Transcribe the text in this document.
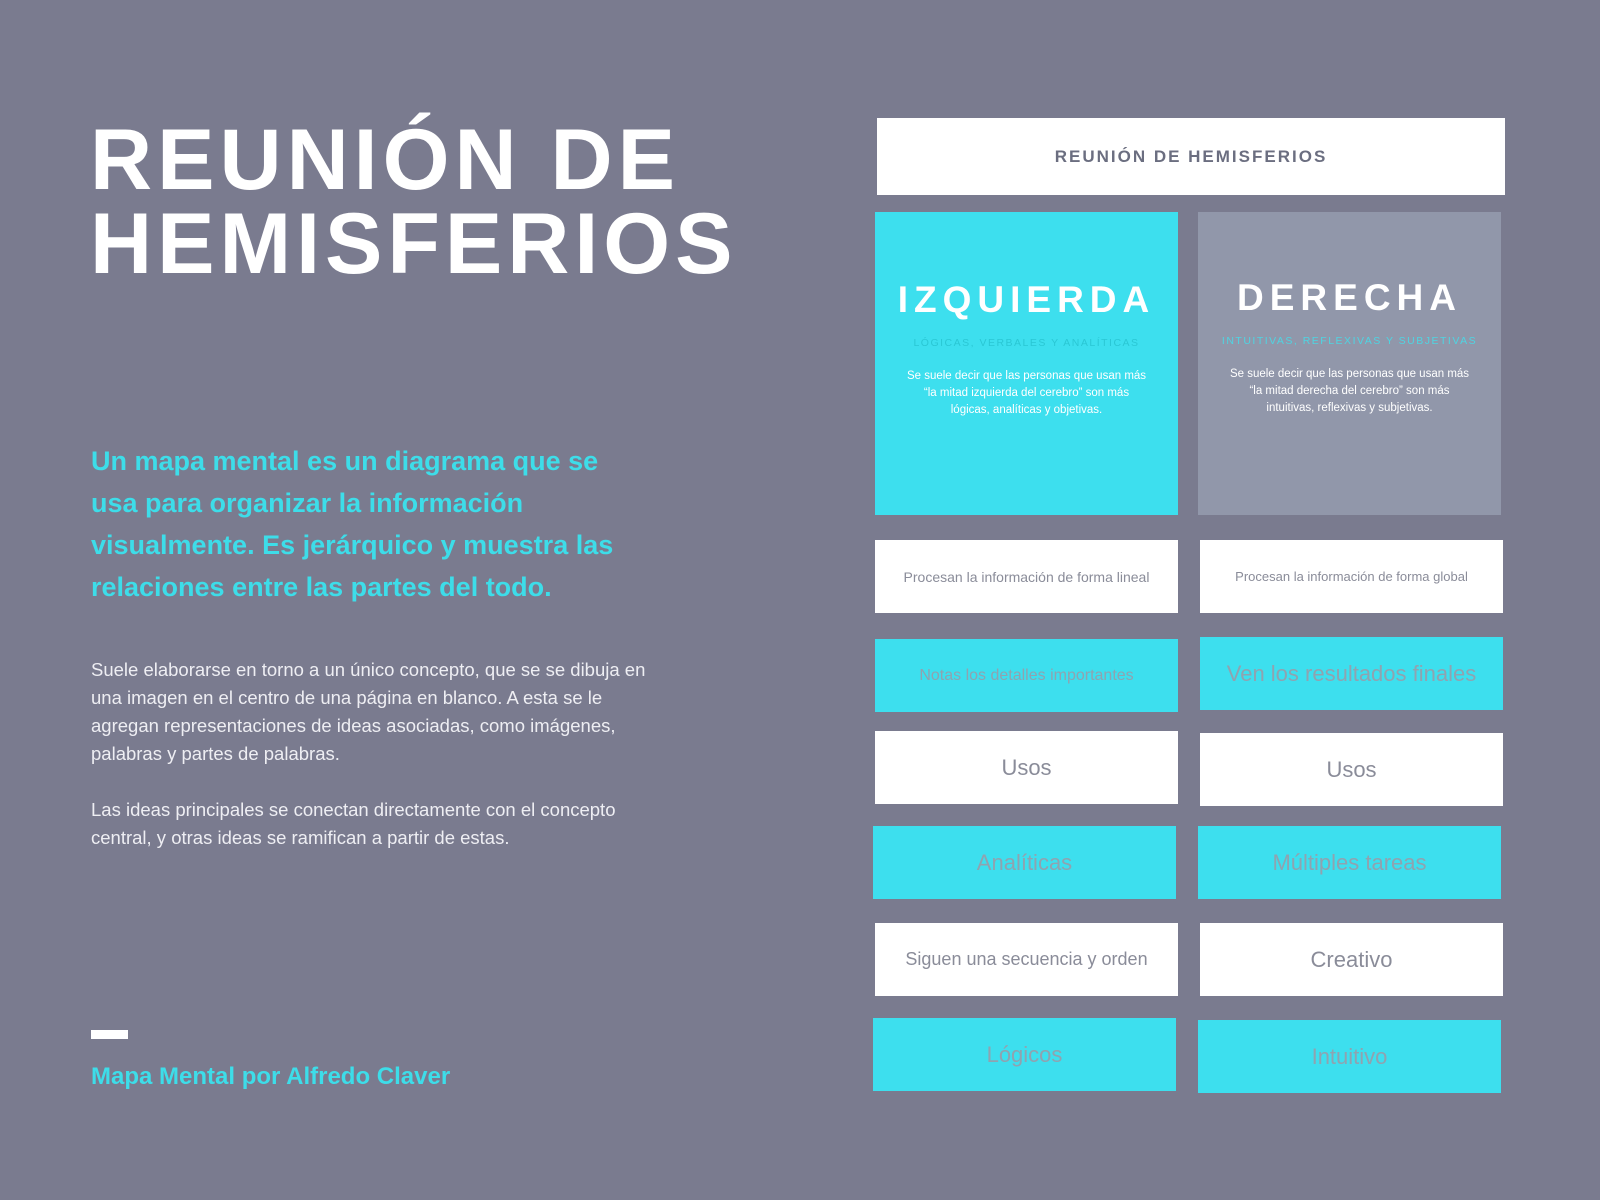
REUNIÓN DE HEMISFERIOS

Un mapa mental es un diagrama que se usa para organizar la información visualmente. Es jerárquico y muestra las relaciones entre las partes del todo.

Suele elaborarse en torno a un único concepto, que se se dibuja en una imagen en el centro de una página en blanco. A esta se le agregan representaciones de ideas asociadas, como imágenes, palabras y partes de palabras.

Las ideas principales se conectan directamente con el concepto central, y otras ideas se ramifican a partir de estas.

Mapa Mental por Alfredo Claver

REUNIÓN DE HEMISFERIOS
IZQUIERDA
LÓGICAS, VERBALES Y ANALÍTICAS
Se suele decir que las personas que usan más “la mitad izquierda del cerebro” son más lógicas, analíticas y objetivas.
DERECHA
INTUITIVAS, REFLEXIVAS Y SUBJETIVAS
Se suele decir que las personas que usan más “la mitad derecha del cerebro” son más intuitivas, reflexivas y subjetivas.
Procesan la información de forma lineal
Notas los detalles importantes
Usos
Analíticas
Siguen una secuencia y orden
Lógicos
Procesan la información de forma global
Ven los resultados finales
Usos
Múltiples tareas
Creativo
Intuitivo
